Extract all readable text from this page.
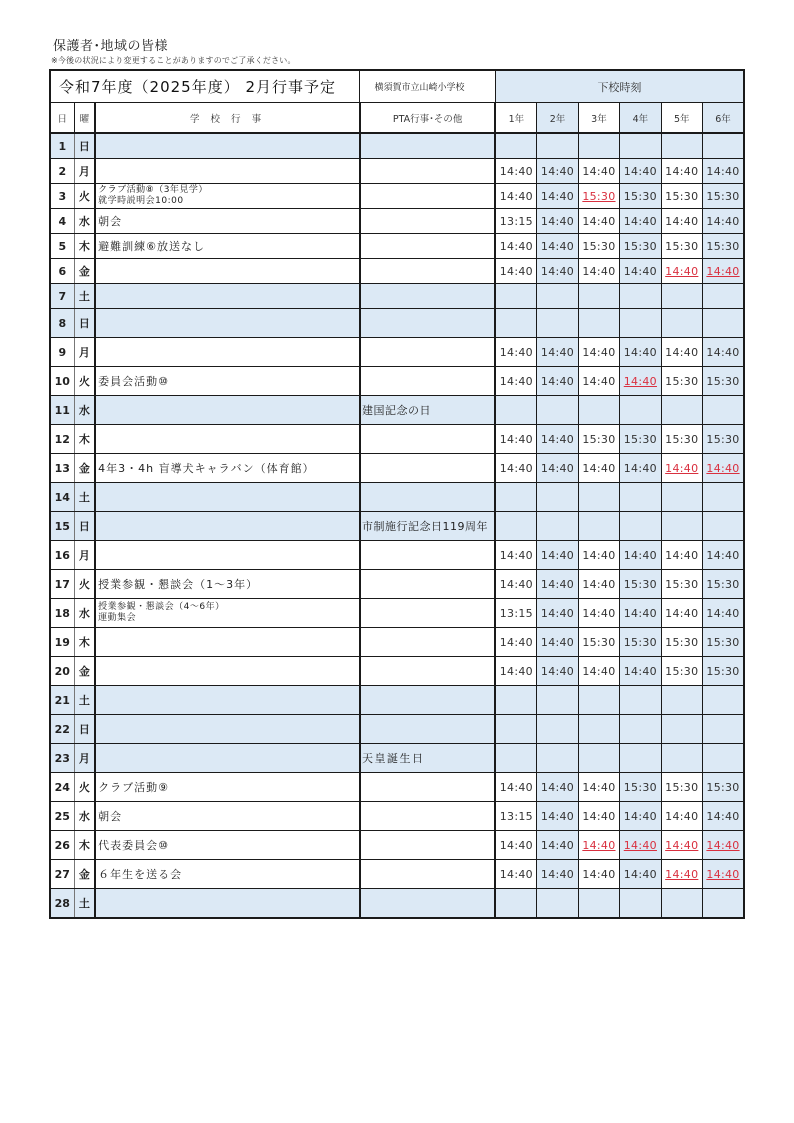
保護者･地域の皆様
※今後の状況により変更することがありますのでご了承ください。
令和7年度（2025年度） 2月行事予定			横須賀市立山崎小学校	下校時刻					
日	曜	学 校 行 事	PTA行事･その他	1年	2年	3年	4年	5年	6年
1	日								
2	月			14:40	14:40	14:40	14:40	14:40	14:40
3	火	クラブ活動⑧（3年見学）
就学時説明会10:00		14:40	14:40	15:30	15:30	15:30	15:30
4	水	朝会		13:15	14:40	14:40	14:40	14:40	14:40
5	木	避難訓練⑥放送なし		14:40	14:40	15:30	15:30	15:30	15:30
6	金			14:40	14:40	14:40	14:40	14:40	14:40
7	土								
8	日								
9	月			14:40	14:40	14:40	14:40	14:40	14:40
10	火	委員会活動⑩		14:40	14:40	14:40	14:40	15:30	15:30
11	水		建国記念の日						
12	木			14:40	14:40	15:30	15:30	15:30	15:30
13	金	4年3・4h 盲導犬キャラバン（体育館）		14:40	14:40	14:40	14:40	14:40	14:40
14	土								
15	日		市制施行記念日119周年						
16	月			14:40	14:40	14:40	14:40	14:40	14:40
17	火	授業参観・懇談会（1～3年）		14:40	14:40	14:40	15:30	15:30	15:30
18	水	授業参観・懇談会（4～6年）
運動集会		13:15	14:40	14:40	14:40	14:40	14:40
19	木			14:40	14:40	15:30	15:30	15:30	15:30
20	金			14:40	14:40	14:40	14:40	15:30	15:30
21	土								
22	日								
23	月		天皇誕生日						
24	火	クラブ活動⑨		14:40	14:40	14:40	15:30	15:30	15:30
25	水	朝会		13:15	14:40	14:40	14:40	14:40	14:40
26	木	代表委員会⑩		14:40	14:40	14:40	14:40	14:40	14:40
27	金	６年生を送る会		14:40	14:40	14:40	14:40	14:40	14:40
28	土								
